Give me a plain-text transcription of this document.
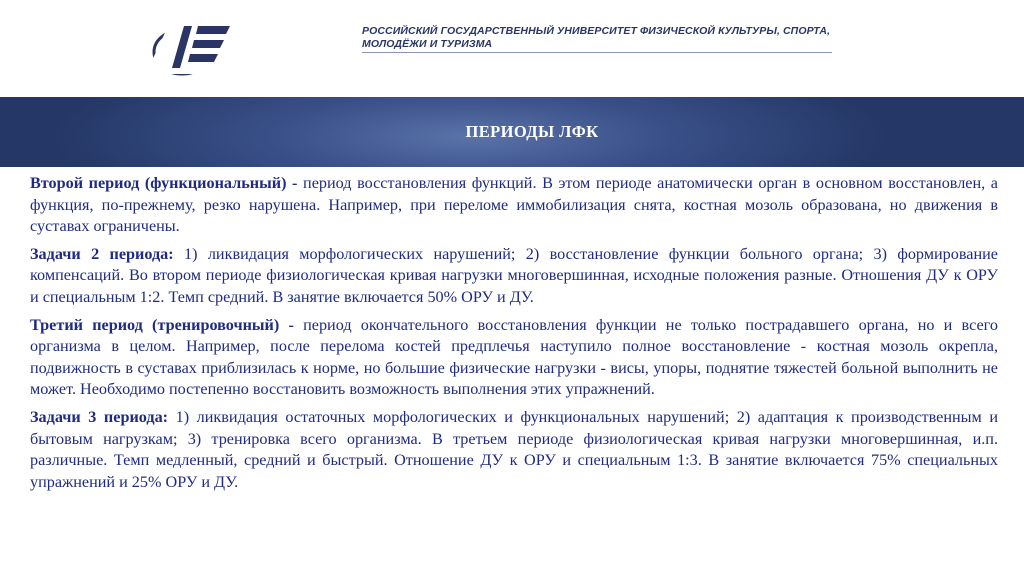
РОССИЙСКИЙ ГОСУДАРСТВЕННЫЙ УНИВЕРСИТЕТ ФИЗИЧЕСКОЙ КУЛЬТУРЫ, СПОРТА,
МОЛОДЁЖИ И ТУРИЗМА
ПЕРИОДЫ ЛФК

Второй период (функциональный) - период восстановления функций. В этом периоде анатомически орган в основном восстановлен, а функция, по-прежнему, резко нарушена. Например, при переломе иммобилизация снята, костная мозоль образована, но движения в суставах ограничены.

Задачи 2 периода: 1) ликвидация морфологических нарушений; 2) восстановление функции больного органа; 3) формирование компенсаций. Во втором периоде физиологическая кривая нагрузки многовершинная, исходные положения разные. Отношения ДУ к ОРУ и специальным 1:2. Темп средний. В занятие включается 50% ОРУ и ДУ.

Третий период (тренировочный) - период окончательного восстановления функции не только пострадавшего органа, но и всего организма в целом. Например, после перелома костей предплечья наступило полное восстановление - костная мозоль окрепла, подвижность в суставах приблизилась к норме, но большие физические нагрузки - висы, упоры, поднятие тяжестей больной выполнить не может. Необходимо постепенно восстановить возможность выполнения этих упражнений.

Задачи 3 периода: 1) ликвидация остаточных морфологических и функциональных нарушений; 2) адаптация к производственным и бытовым нагрузкам; 3) тренировка всего организма. В третьем периоде физиологическая кривая нагрузки многовершинная, и.п. различные. Темп медленный, средний и быстрый. Отношение ДУ к ОРУ и специальным 1:3. В занятие включается 75% специальных упражнений и 25% ОРУ и ДУ.
